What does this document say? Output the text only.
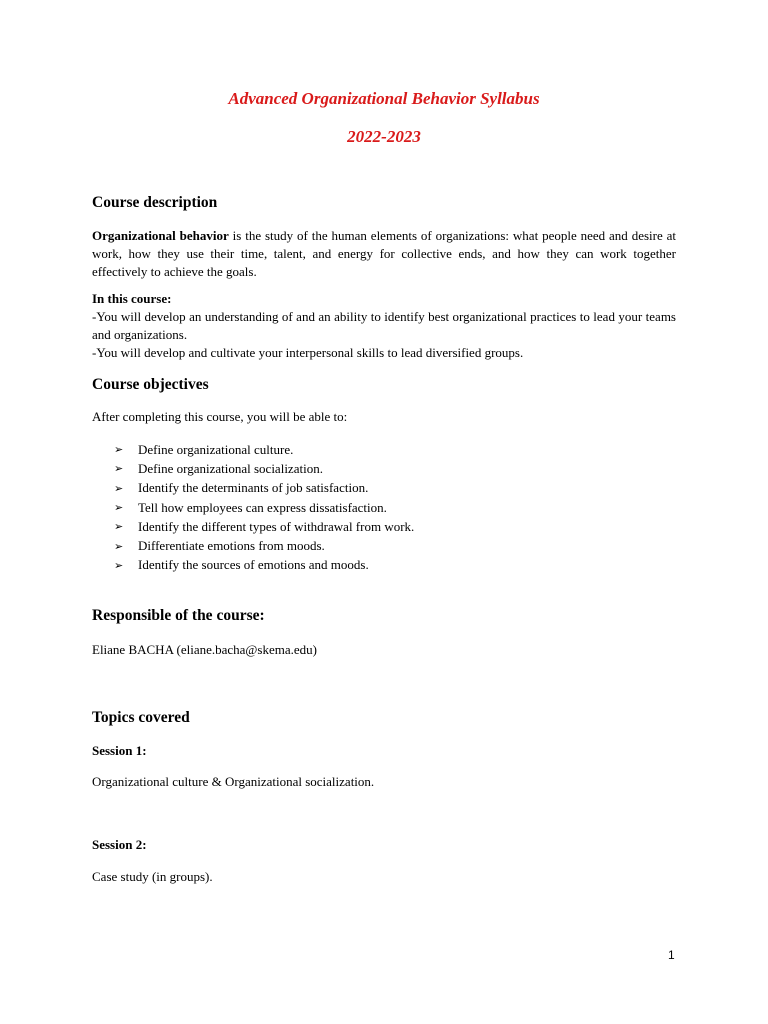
Advanced Organizational Behavior Syllabus
2022-2023
Course description

Organizational behavior is the study of the human elements of organizations: what people need and desire at work, how they use their time, talent, and energy for collective ends, and how they can work together effectively to achieve the goals.

In this course:
-You will develop an understanding of and an ability to identify best organizational practices to lead your teams and organizations.
-You will develop and cultivate your interpersonal skills to lead diversified groups.
Course objectives

After completing this course, you will be able to:

➢	Define organizational culture.
➢	Define organizational socialization.
➢	Identify the determinants of job satisfaction.
➢	Tell how employees can express dissatisfaction.
➢	Identify the different types of withdrawal from work.
➢	Differentiate emotions from moods.
➢	Identify the sources of emotions and moods.
Responsible of the course:

Eliane BACHA (eliane.bacha@skema.edu)

Topics covered

Session 1:

Organizational culture & Organizational socialization.

Session 2:

Case study (in groups).

1
